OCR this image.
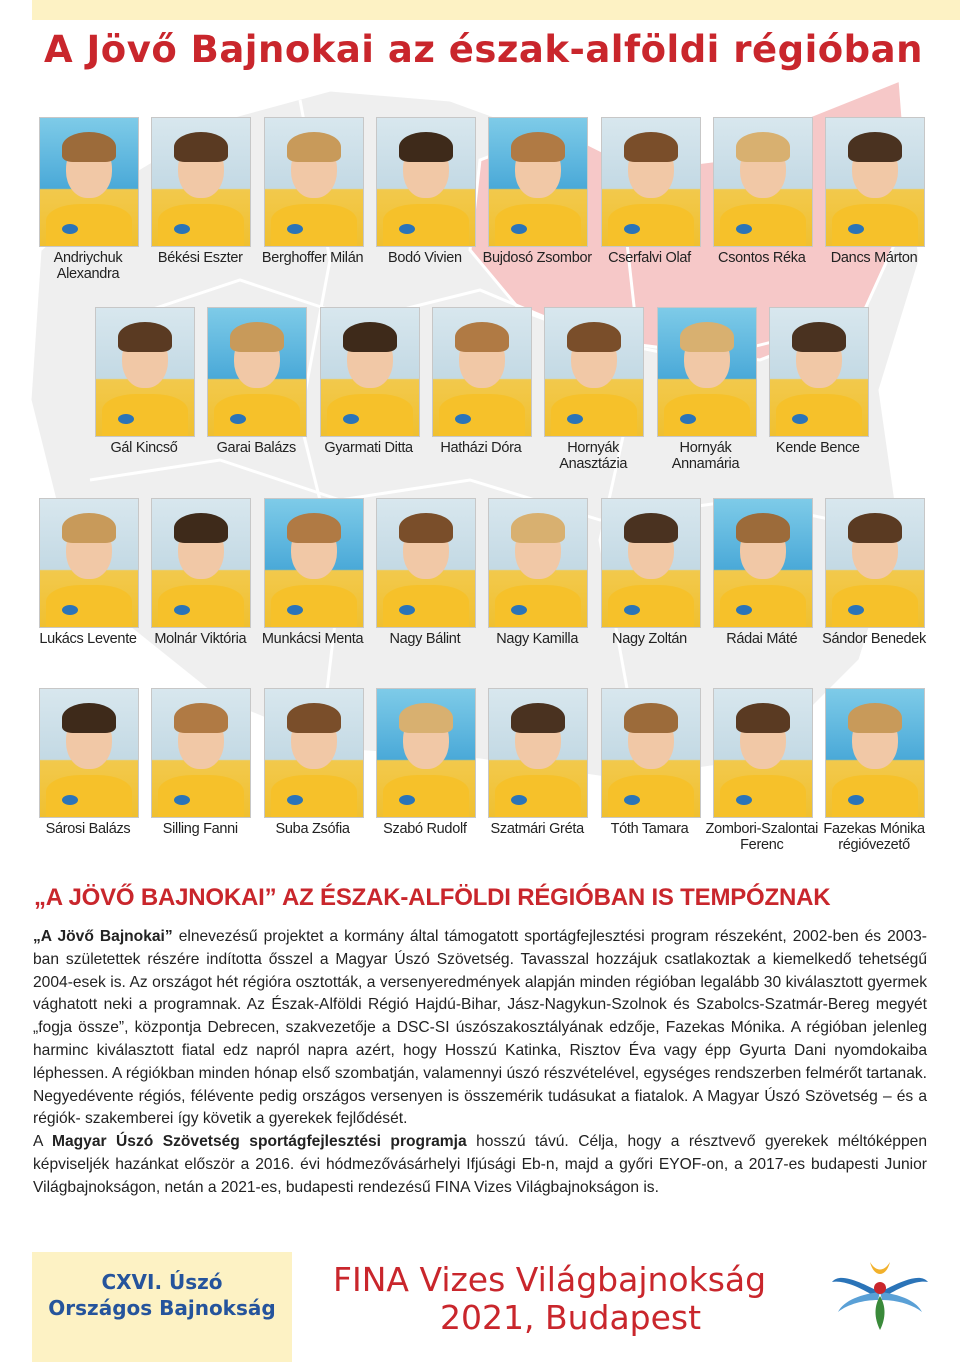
A Jövő Bajnokai az észak-alföldi régióban
Andriychuk Alexandra
Békési Eszter	Berghoffer Milán	Bodó Vivien	Bujdosó Zsombor	Cserfalvi Olaf	Csontos Réka	Dancs Márton
Gál Kincső	Garai Balázs	Gyarmati Ditta	Hatházi Dóra	Hornyák Anasztázia
Hornyák Annamária
Kende Bence
Lukács Levente	Molnár Viktória	Munkácsi Menta	Nagy Bálint	Nagy Kamilla	Nagy Zoltán	Rádai Máté	Sándor Benedek
Sárosi Balázs	Silling Fanni	Suba Zsófia	Szabó Rudolf	Szatmári Gréta	Tóth Tamara	Zombori-Szalontai Ferenc
Fazekas Mónika régióvezető
„A JÖVŐ BAJNOKAI” AZ ÉSZAK-ALFÖLDI RÉGIÓBAN IS TEMPÓZNAK

„A Jövő Bajnokai” elnevezésű projektet a kormány által támogatott sportágfejlesztési program részeként, 2002-ben és 2003-ban születettek részére indította ősszel a Magyar Úszó Szövetség. Tavasszal hozzájuk csatlakoztak a kiemelkedő tehetségű 2004-esek is. Az országot hét régióra osztották, a versenyeredmények alapján minden régióban legalább 30 kiválasztott gyermek vághatott neki a programnak. Az Észak-Alföldi Régió Hajdú-Bihar, Jász-Nagykun-Szolnok és Szabolcs-Szatmár-Bereg megyét „fogja össze”, központja Debrecen, szakvezetője a DSC-SI úszószakosztályának edzője, Fazekas Mónika. A régióban jelenleg harminc kiválasztott fiatal edz napról napra azért, hogy Hosszú Katinka, Risztov Éva vagy épp Gyurta Dani nyomdokaiba léphessen. A régiókban minden hónap első szombatján, valamennyi úszó részvételével, egységes rendszerben felmérőt tartanak. Negyedévente régiós, félévente pedig országos versenyen is összemérik tudásukat a fiatalok. A Magyar Úszó Szövetség – és a régiók- szakemberei így követik a gyerekek fejlődését.

A Magyar Úszó Szövetség sportágfejlesztési programja hosszú távú. Célja, hogy a résztvevő gyerekek méltóképpen képviseljék hazánkat először a 2016. évi hódmezővásárhelyi Ifjúsági Eb-n, majd a győri EYOF-on, a 2017-es budapesti Junior Világbajnokságon, netán a 2021-es, budapesti rendezésű FINA Vizes Világbajnokságon is.

CXVI. Úszó
Országos Bajnokság
FINA Vizes Világbajnokság
2021, Budapest
